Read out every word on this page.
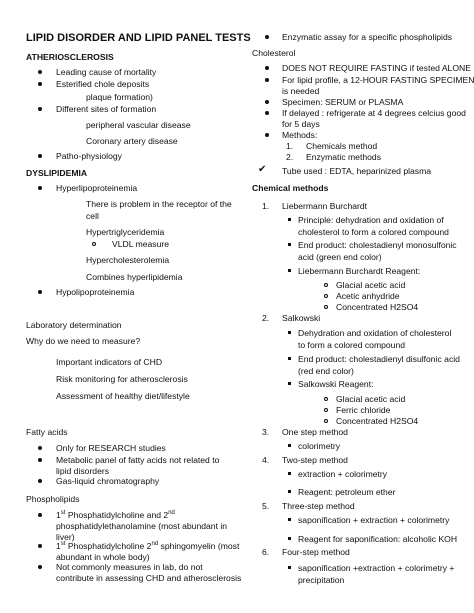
LIPID DISORDER AND LIPID PANEL TESTS
ATHERIOSCLEROSIS
Leading cause of mortality
Esterified chole deposits
plaque formation)
Different sites of formation
peripheral vascular disease
Coronary artery disease
Patho-physiology
DYSLIPIDEMIA
Hyperlipoproteinemia
There is problem in the receptor of the
cell
Hypertriglyceridemia
VLDL measure
Hypercholesterolemia
Combines hyperlipidemia
Hypolipoproteinemia
Laboratory determination
Why do we need to measure?
Important indicators of CHD
Risk monitoring for atherosclerosis
Assessment of healthy diet/lifestyle
Fatty acids
Only for RESEARCH studies
Metabolic panel of fatty acids not related to
lipid disorders
Gas-liquid chromatography
Phospholipids
1st Phosphatidylcholine and 2nd
phosphatidylethanolamine (most abundant in
liver)
1st Phosphatidylcholine 2nd sphingomyelin (most
abundant in whole body)
Not commonly measures in lab, do not
contribute in assessing CHD and atherosclerosis
Enzymatic assay for a specific phospholipids
Cholesterol
DOES NOT REQUIRE FASTING if tested ALONE
For lipid profile, a 12-HOUR FASTING SPECIMEN
is needed
Specimen: SERUM or PLASMA
If delayed : refrigerate at 4 degrees celcius good
for 5 days
Methods:
1. Chemicals method
2. Enzymatic methods
✔ Tube used : EDTA, heparinized plasma
Chemical methods
1. Liebermann Burchardt
Principle: dehydration and oxidation of
cholesterol to form a colored compound
End product: cholestadienyl monosulfonic
acid (green end color)
Liebermann Burchardt Reagent:
Glacial acetic acid
Acetic anhydride
Concentrated H2SO4
2. Salkowski
Dehydration and oxidation of cholesterol
to form a colored compound
End product: cholestadienyl disulfonic acid
(red end color)
Salkowski Reagent:
Glacial acetic acid
Ferric chloride
Concentrated H2SO4
3. One step method
colorimetry
4. Two-step method
extraction + colorimetry
Reagent: petroleum ether
5. Three-step method
saponification + extraction + colorimetry
Reagent for saponification: alcoholic KOH
6. Four-step method
saponification +extraction + colorimetry +
precipitation
